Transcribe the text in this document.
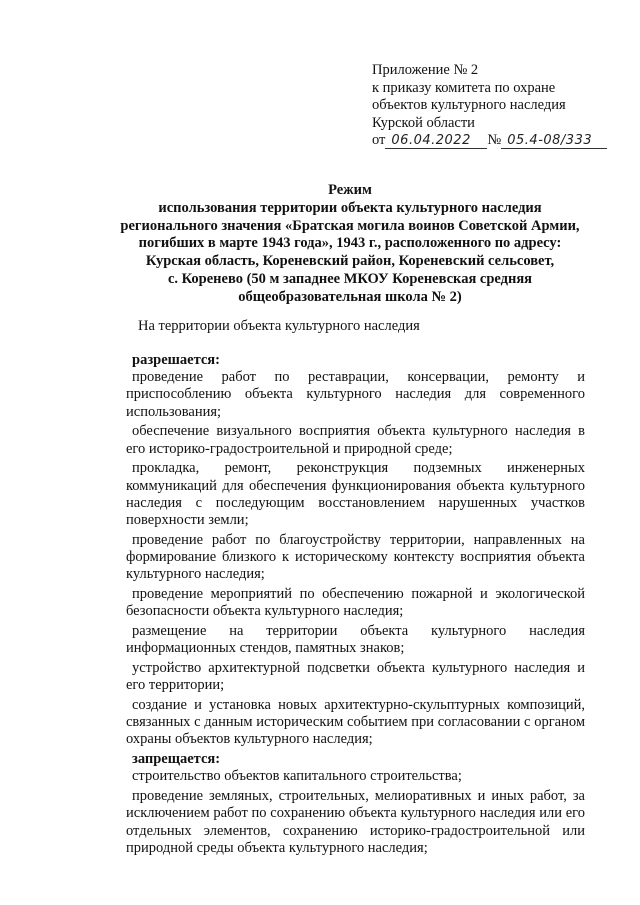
Приложение № 2
к приказу комитета по охране
объектов культурного наследия
Курской области
от 06.04.2022 № 05.4-08/333
Режим
использования территории объекта культурного наследия
регионального значения «Братская могила воинов Советской Армии,
погибших в марте 1943 года», 1943 г., расположенного по адресу:
Курская область, Кореневский район, Кореневский сельсовет,
с. Коренево (50 м западнее МКОУ Кореневская средняя
общеобразовательная школа № 2)
На территории объекта культурного наследия
разрешается:

проведение работ по реставрации, консервации, ремонту и приспособлению объекта культурного наследия для современного использования;

обеспечение визуального восприятия объекта культурного наследия в его историко-градостроительной и природной среде;

прокладка, ремонт, реконструкция подземных инженерных коммуникаций для обеспечения функционирования объекта культурного наследия с последующим восстановлением нарушенных участков поверхности земли;

проведение работ по благоустройству территории, направленных на формирование близкого к историческому контексту восприятия объекта культурного наследия;

проведение мероприятий по обеспечению пожарной и экологической безопасности объекта культурного наследия;

размещение на территории объекта культурного наследия информационных стендов, памятных знаков;

устройство архитектурной подсветки объекта культурного наследия и его территории;

создание и установка новых архитектурно-скульптурных композиций, связанных с данным историческим событием при согласовании с органом охраны объектов культурного наследия;

запрещается:

строительство объектов капитального строительства;

проведение земляных, строительных, мелиоративных и иных работ, за исключением работ по сохранению объекта культурного наследия или его отдельных элементов, сохранению историко-градостроительной или природной среды объекта культурного наследия;
